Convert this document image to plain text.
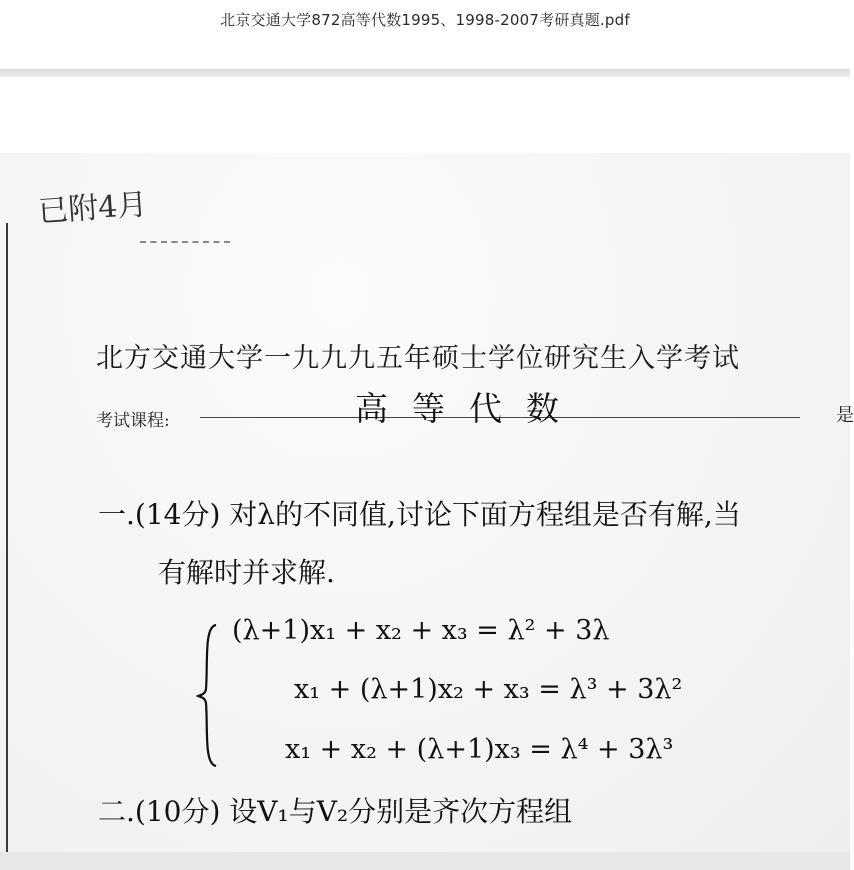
北京交通大学872高等代数1995、1998-2007考研真题.pdf
已附4月
北方交通大学一九九九五年硕士学位研究生入学考试
考试课程:	高等代数	是
一.(14分) 对λ的不同值,讨论下面方程组是否有解,当
有解时并求解.
(λ+1)x₁ + x₂ + x₃ = λ² + 3λ
x₁ + (λ+1)x₂ + x₃ = λ³ + 3λ²
x₁ + x₂ + (λ+1)x₃ = λ⁴ + 3λ³
二.(10分) 设V₁与V₂分别是齐次方程组
